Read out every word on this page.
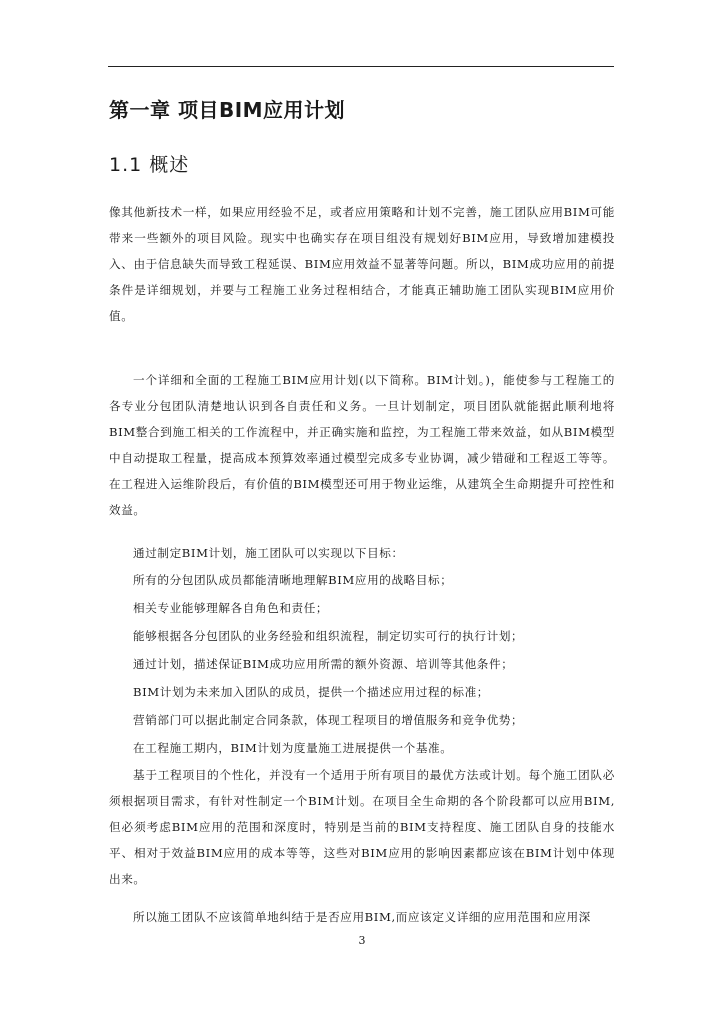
第一章 项目BIM应用计划
1.1 概述

像其他新技术一样，如果应用经验不足，或者应用策略和计划不完善，施工团队应用BIM可能带来一些额外的项目风险。现实中也确实存在项目组没有规划好BIM应用，导致增加建模投入、由于信息缺失而导致工程延误、BIM应用效益不显著等问题。所以，BIM成功应用的前提条件是详细规划，并要与工程施工业务过程相结合，才能真正辅助施工团队实现BIM应用价值。

一个详细和全面的工程施工BIM应用计划(以下简称。BIM计划。)，能使参与工程施工的各专业分包团队清楚地认识到各自责任和义务。一旦计划制定，项目团队就能据此顺利地将BIM整合到施工相关的工作流程中，并正确实施和监控，为工程施工带来效益，如从BIM模型中自动提取工程量，提高成本预算效率通过模型完成多专业协调，减少错碰和工程返工等等。在工程进入运维阶段后，有价值的BIM模型还可用于物业运维，从建筑全生命期提升可控性和效益。

通过制定BIM计划，施工团队可以实现以下目标：

所有的分包团队成员都能清晰地理解BIM应用的战略目标；

相关专业能够理解各自角色和责任；

能够根据各分包团队的业务经验和组织流程，制定切实可行的执行计划；

通过计划，描述保证BIM成功应用所需的额外资源、培训等其他条件；

BIM计划为未来加入团队的成员，提供一个描述应用过程的标准；

营销部门可以据此制定合同条款，体现工程项目的增值服务和竞争优势；

在工程施工期内，BIM计划为度量施工进展提供一个基准。

基于工程项目的个性化，并没有一个适用于所有项目的最优方法或计划。每个施工团队必须根据项目需求，有针对性制定一个BIM计划。在项目全生命期的各个阶段都可以应用BIM,但必须考虑BIM应用的范围和深度时，特别是当前的BIM支持程度、施工团队自身的技能水平、相对于效益BIM应用的成本等等，这些对BIM应用的影响因素都应该在BIM计划中体现出来。

所以施工团队不应该简单地纠结于是否应用BIM,而应该定义详细的应用范围和应用深

3
